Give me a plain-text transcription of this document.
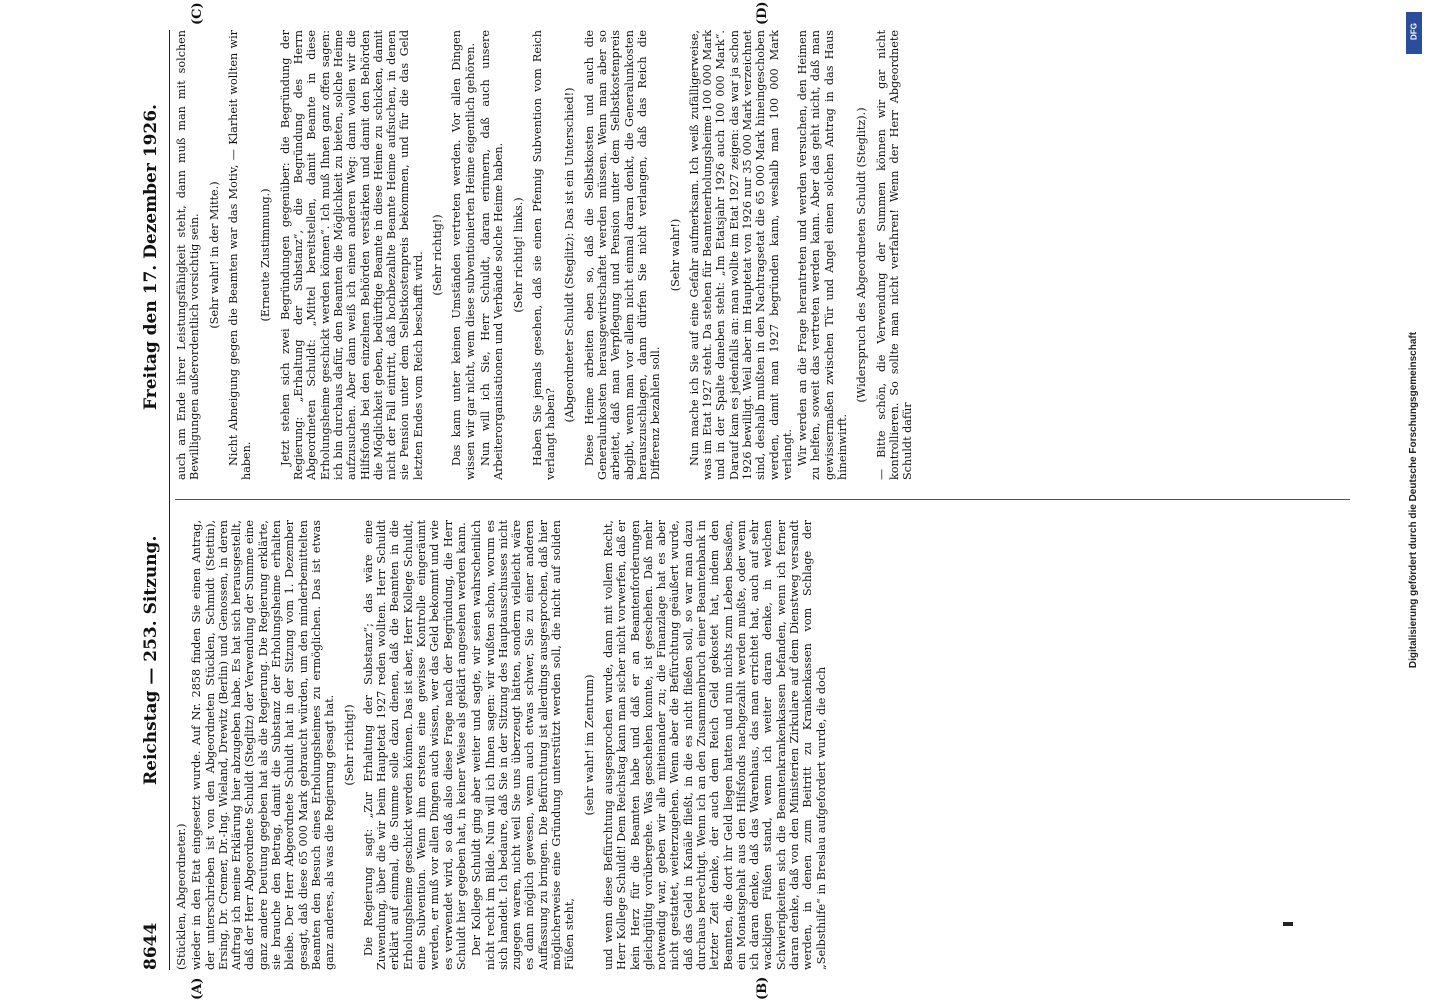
8644
Reichstag — 253. Sitzung.
Freitag den 17. Dezember 1926.

(Stücklen, Abgeordneter.) wieder in den Etat eingesetzt wurde. Auf Nr. 2858 finden Sie einen Antrag, der unterschrieben ist von den Abgeordneten Stücklen, Schmidt (Stettin), Ersing, Dr. Cremer, Dr.-Ing. Wieland, Drewitz (Berlin) und Genossen, in deren Auftrag ich meine Erklärung hier abzugeben habe. Es hat sich herausgestellt, daß der Herr Abgeordnete Schuldt (Steglitz) der Verwendung der Summe eine ganz andere Deutung gegeben hat als die Regierung. Die Regierung erklärte, sie brauche den Betrag, damit die Substanz der Erholungsheime erhalten bleibe. Der Herr Abgeordnete Schuldt hat in der Sitzung vom 1. Dezember gesagt, daß diese 65 000 Mark gebraucht würden, um den minderbemittelten Beamten den Besuch eines Erholungsheimes zu ermöglichen. Das ist etwas ganz anderes, als was die Regierung gesagt hat. (Sehr richtig!) Die Regierung sagt: „Zur Erhaltung der Substanz“; das wäre eine Zuwendung, über die wir beim Hauptetat 1927 reden wollten. Herr Schuldt erklärt auf einmal, die Summe solle dazu dienen, daß die Beamten in die Erholungsheime geschickt werden können. Das ist aber, Herr Kollege Schuldt, eine Subvention. Wenn ihm erstens eine gewisse Kontrolle eingeräumt werden, er muß vor allen Dingen auch wissen, wer das Geld bekommt und wie es verwendet wird, so daß also diese Frage nach der Begründung, die Herr Schuldt hier gegeben hat, in keiner Weise als geklärt angesehen werden kann. Der Kollege Schuldt ging aber weiter und sagte, wir seien wahrscheinlich nicht recht im Bilde. Nun will ich Ihnen sagen: wir wußten schon, worum es sich handelt. Ich bedaure, daß Sie in der Sitzung des Hauptausschusses nicht zugegen waren, nicht weil Sie uns überzeugt hätten, sondern vielleicht wäre es dann möglich gewesen, wenn auch etwas schwer, Sie zu einer anderen Auffassung zu bringen. Die Befürchtung ist allerdings ausgesprochen, daß hier möglicherweise eine Gründung unterstützt werden soll, die nicht auf soliden Füßen steht,

(sehr wahr! im Zentrum) und wenn diese Befürchtung ausgesprochen wurde, dann mit vollem Recht, Herr Kollege Schuldt! Dem Reichstag kann man sicher nicht vorwerfen, daß er kein Herz für die Beamten habe und daß er an Beamtenforderungen gleichgültig vorübergehe. Was geschehen konnte, ist geschehen. Daß mehr notwendig war, geben wir alle miteinander zu; die Finanzlage hat es aber nicht gestattet, weiterzugehen. Wenn aber die Befürchtung geäußert wurde, daß das Geld in Kanäle fließt, in die es nicht fließen soll, so war man dazu durchaus berechtigt. Wenn ich an den Zusammenbruch einer Beamtenbank in letzter Zeit denke, der auch dem Reich Geld gekostet hat, indem den Beamten, die dort ihr Geld liegen hatten und nun nichts zum Leben besaßen, ein Monatsgehalt aus den Hilfsfonds nachgezahlt werden mußte, oder wenn ich daran denke, daß das Warenhaus, das man errichtet hat, auch auf sehr wackligen Füßen stand, wenn ich weiter daran denke, in welchen Schwierigkeiten sich die Beamtenkrankenkassen befanden, wenn ich ferner daran denke, daß von den Ministerien Zirkulare auf dem Dienstweg versandt werden, in denen zum Beitritt zu Krankenkassen vom Schlage der „Selbsthilfe“ in Breslau aufgefordert wurde, die doch

auch am Ende ihrer Leistungsfähigkeit steht, dann muß man mit solchen Bewilligungen außerordentlich vorsichtig sein. (Sehr wahr! in der Mitte.) Nicht Abneigung gegen die Beamten war das Motiv, — Klarheit wollten wir haben.

(Erneute Zustimmung.) Jetzt stehen sich zwei Begründungen gegenüber: die Begründung der Regierung: „Erhaltung der Substanz“, die Begründung des Herrn Abgeordneten Schuldt: „Mittel bereitstellen, damit Beamte in diese Erholungsheime geschickt werden können“. Ich muß Ihnen ganz offen sagen: ich bin durchaus dafür, den Beamten die Möglichkeit zu bieten, solche Heime aufzusuchen. Aber dann weiß ich einen anderen Weg: dann wollen wir die Hilfsfonds bei den einzelnen Behörden verstärken und damit den Behörden die Möglichkeit geben, bedürftige Beamte in diese Heime zu schicken, damit nicht der Fall eintritt, daß hochbezahlte Beamte Heime aufsuchen, in denen sie Pension unter dem Selbstkostenpreis bekommen, und für die das Geld letzten Endes vom Reich beschafft wird. (Sehr richtig!) Das kann unter keinen Umständen vertreten werden. Vor allen Dingen wissen wir gar nicht, wem diese subventionierten Heime eigentlich gehören. Nun will ich Sie, Herr Schuldt, daran erinnern, daß auch unsere Arbeiterorganisationen und Verbände solche Heime haben. (Sehr richtig! links.) Haben Sie jemals gesehen, daß sie einen Pfennig Subvention vom Reich verlangt haben?

(Abgeordneter Schuldt (Steglitz): Das ist ein Unterschied!) Diese Heime arbeiten eben so, daß die Selbstkosten und auch die Generalunkosten herausgewirtschaftet werden müssen. Wenn man aber so arbeitet, daß man Verpflegung und Pension unter dem Selbstkostenpreis abgibt, wenn man vor allem nicht einmal daran denkt, die Generalunkosten herauszuschlagen, dann dürfen Sie nicht verlangen, daß das Reich die Differenz bezahlen soll.

(Sehr wahr!) Nun mache ich Sie auf eine Gefahr aufmerksam. Ich weiß zufälligerweise, was im Etat 1927 steht. Da stehen für Beamtenerholungsheime 100 000 Mark und in der Spalte daneben steht: „Im Etatsjahr 1926 auch 100 000 Mark“. Darauf kam es jedenfalls an: man wollte im Etat 1927 zeigen: das war ja schon 1926 bewilligt. Weil aber im Hauptetat von 1926 nur 35 000 Mark verzeichnet sind, deshalb mußten in den Nachtragsetat die 65 000 Mark hineingeschoben werden, damit man 1927 begründen kann, weshalb man 100 000 Mark verlangt. Wir werden an die Frage herantreten und werden versuchen, den Heimen zu helfen, soweit das vertreten werden kann. Aber das geht nicht, daß man gewissermaßen zwischen Tür und Angel einen solchen Antrag in das Haus hineinwirft.

(Widerspruch des Abgeordneten Schuldt (Steglitz).) — Bitte schön, die Verwendung der Summen können wir gar nicht kontrollieren. So sollte man nicht verfahren! Wenn der Herr Abgeordnete Schuldt dafür

(A)	(B)
(C)	(D)
DFG
Digitalisierung gefördert durch die Deutsche Forschungsgemeinschaft
